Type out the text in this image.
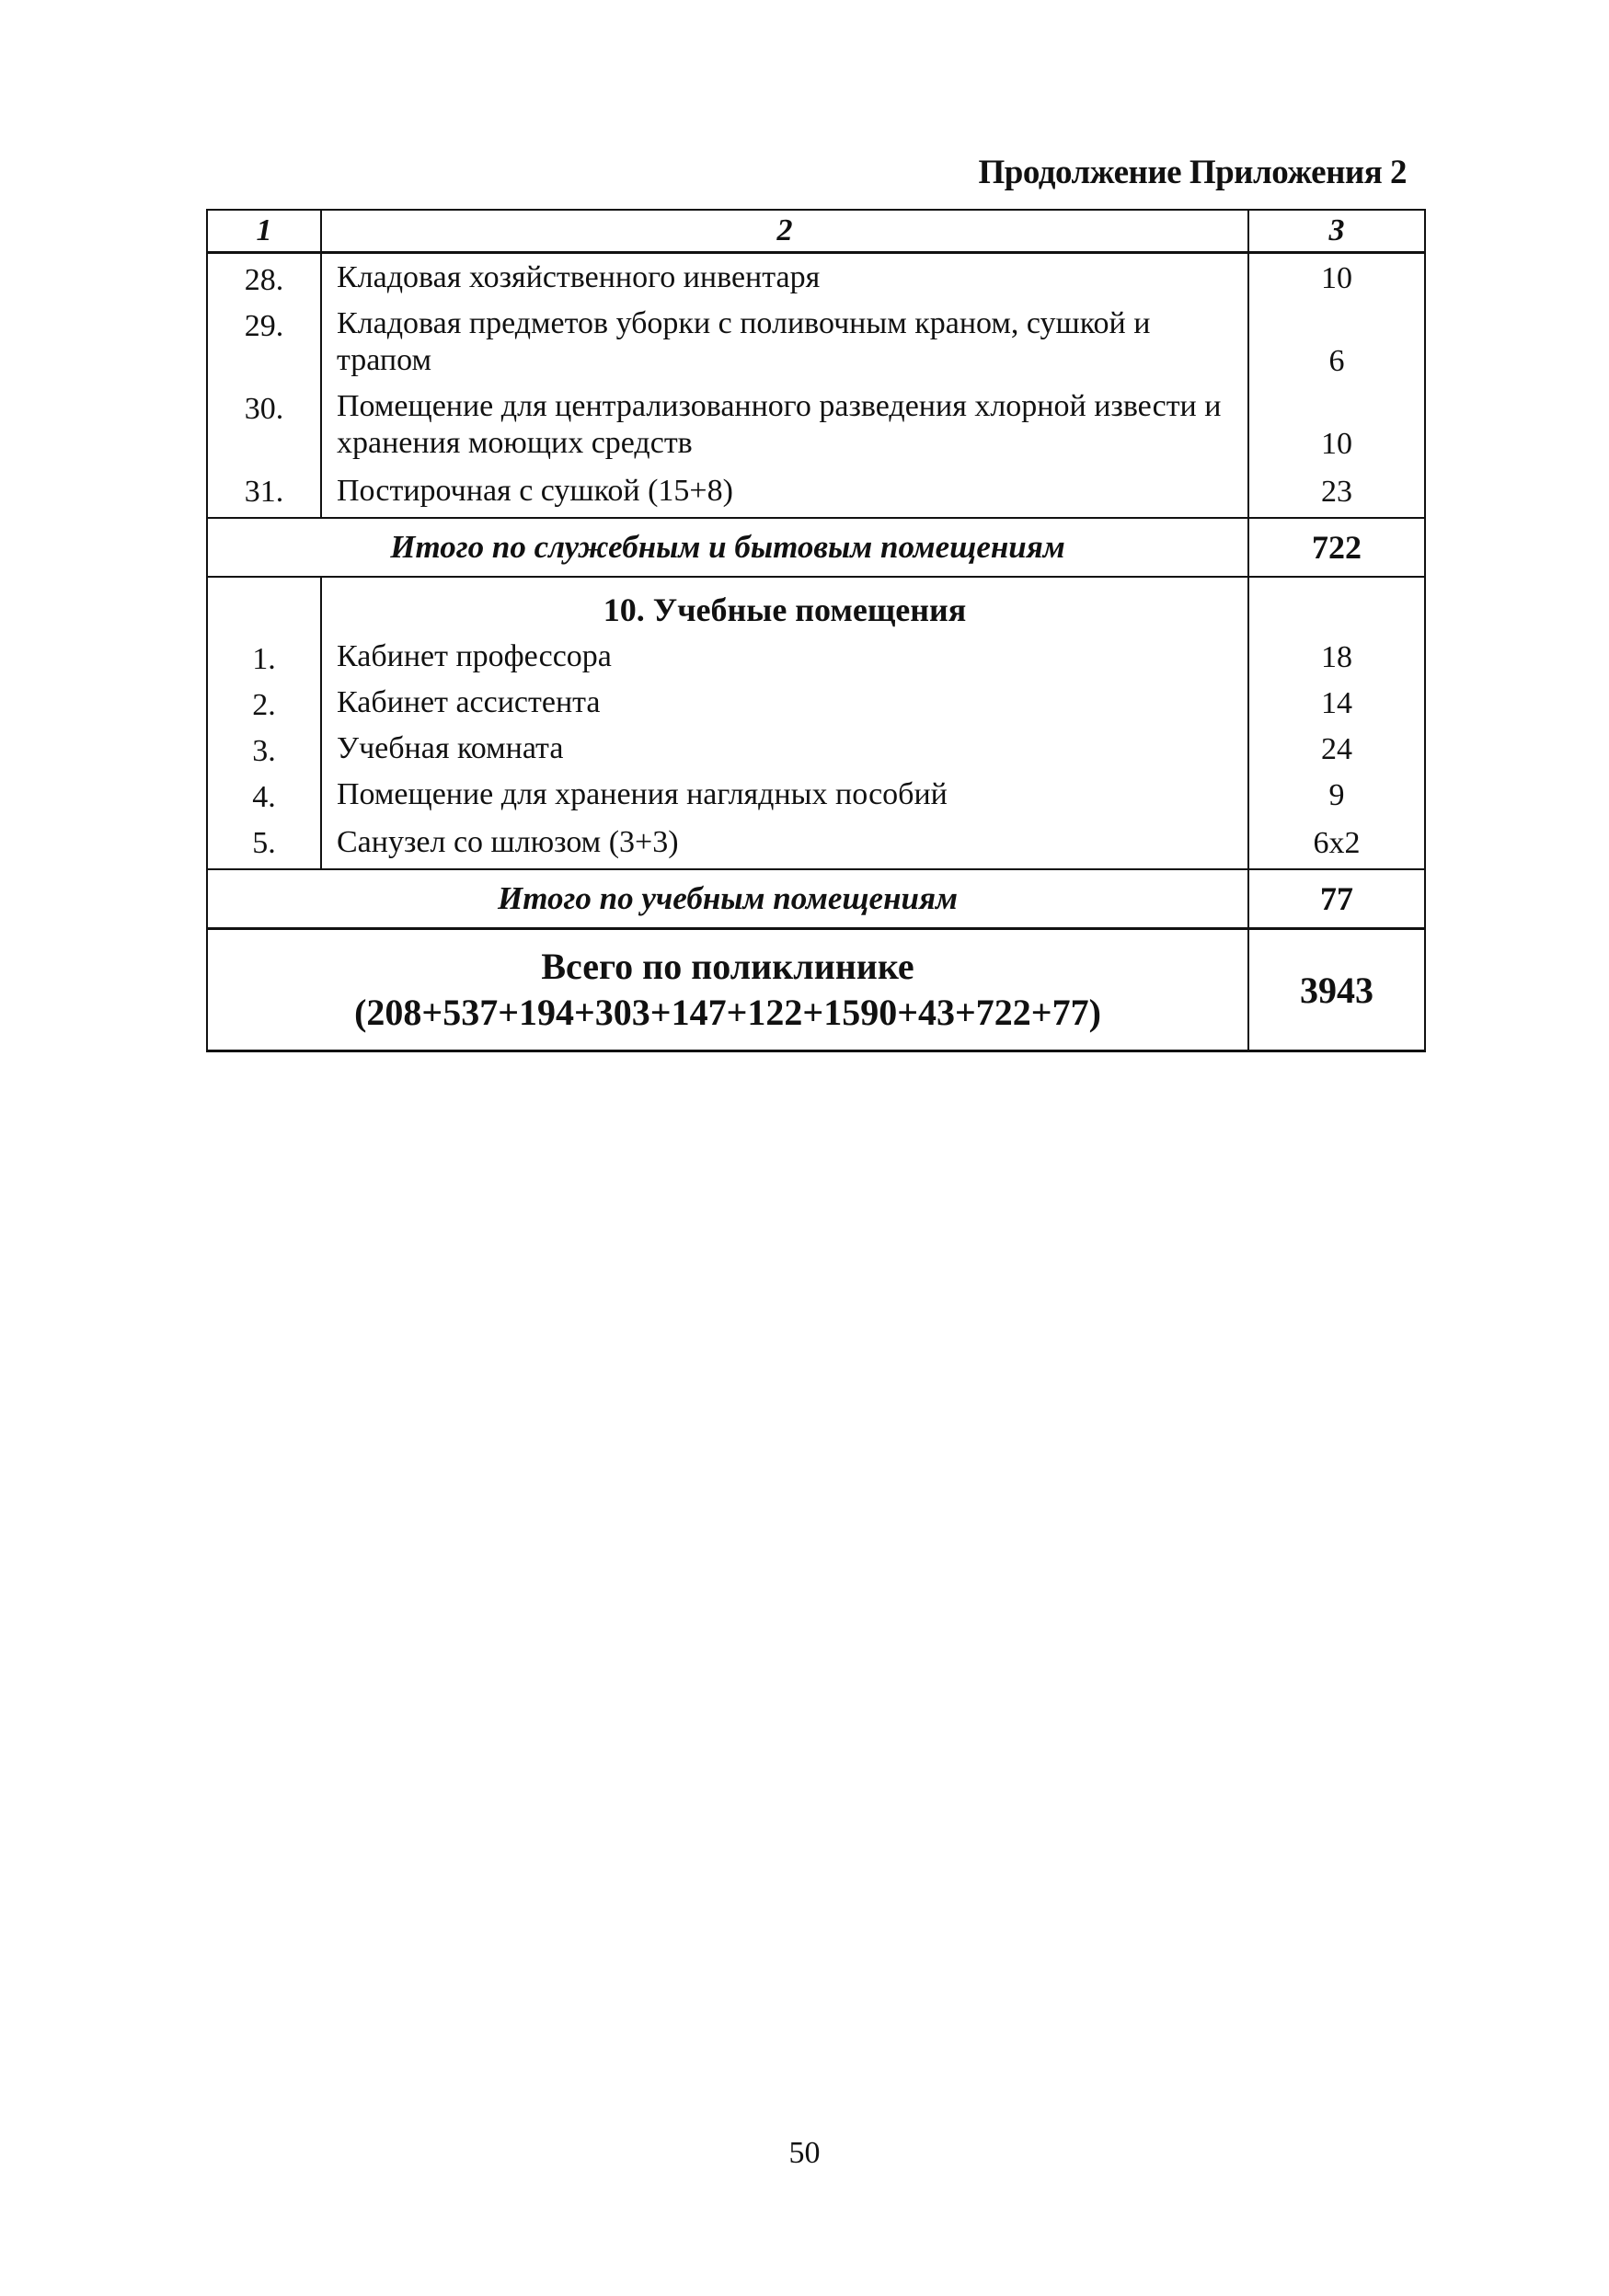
Продолжение Приложения 2
1	2	3
28.	Кладовая хозяйственного инвентаря	10
29.	Кладовая предметов уборки с поливочным краном, сушкой и трапом	6
30.	Помещение для централизованного разведения хлорной извести и хранения моющих средств	10
31.	Постирочная с сушкой (15+8)	23
Итого по служебным и бытовым помещениям		722
	10. Учебные помещения	
1.	Кабинет профессора	18
2.	Кабинет ассистента	14
3.	Учебная комната	24
4.	Помещение для хранения наглядных пособий	9
5.	Санузел со шлюзом (3+3)	6х2
Итого по учебным помещениям		77

Всего по поликлинике
(208+537+194+303+147+122+1590+43+722+77)		3943
50
